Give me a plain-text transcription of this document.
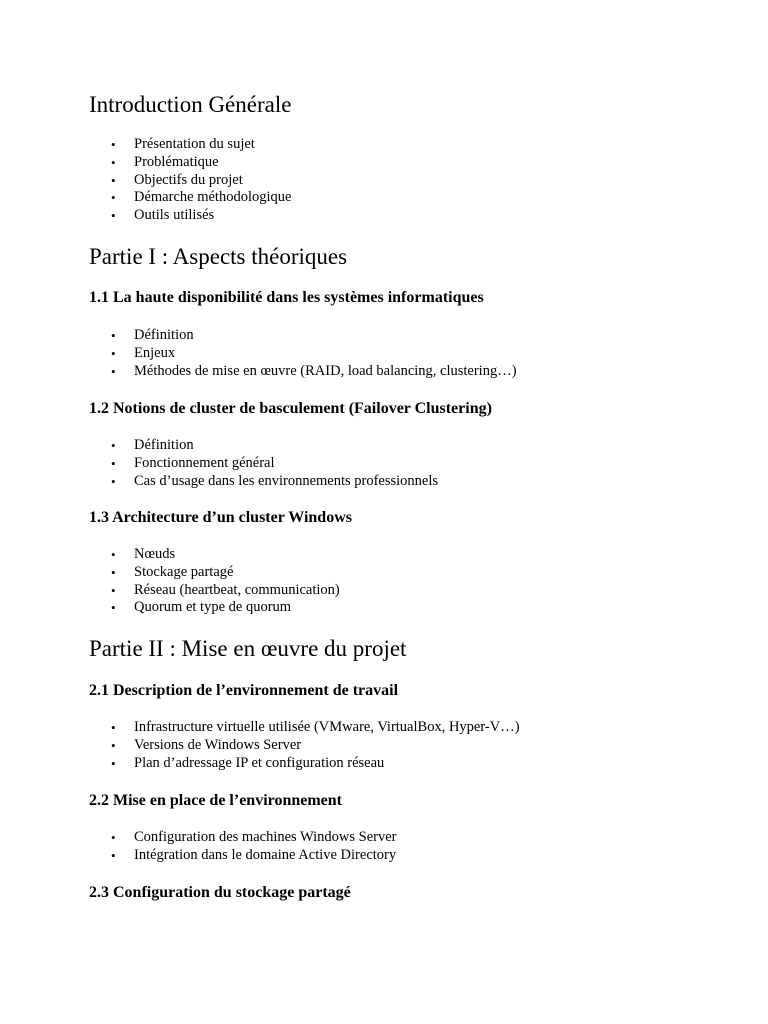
Introduction Générale
• Présentation du sujet
• Problématique
• Objectifs du projet
• Démarche méthodologique
• Outils utilisés
Partie I : Aspects théoriques
1.1 La haute disponibilité dans les systèmes informatiques
• Définition
• Enjeux
• Méthodes de mise en œuvre (RAID, load balancing, clustering…)
1.2 Notions de cluster de basculement (Failover Clustering)
• Définition
• Fonctionnement général
• Cas d’usage dans les environnements professionnels
1.3 Architecture d’un cluster Windows
• Nœuds
• Stockage partagé
• Réseau (heartbeat, communication)
• Quorum et type de quorum
Partie II : Mise en œuvre du projet
2.1 Description de l’environnement de travail
• Infrastructure virtuelle utilisée (VMware, VirtualBox, Hyper-V…)
• Versions de Windows Server
• Plan d’adressage IP et configuration réseau
2.2 Mise en place de l’environnement
• Configuration des machines Windows Server
• Intégration dans le domaine Active Directory
2.3 Configuration du stockage partagé
